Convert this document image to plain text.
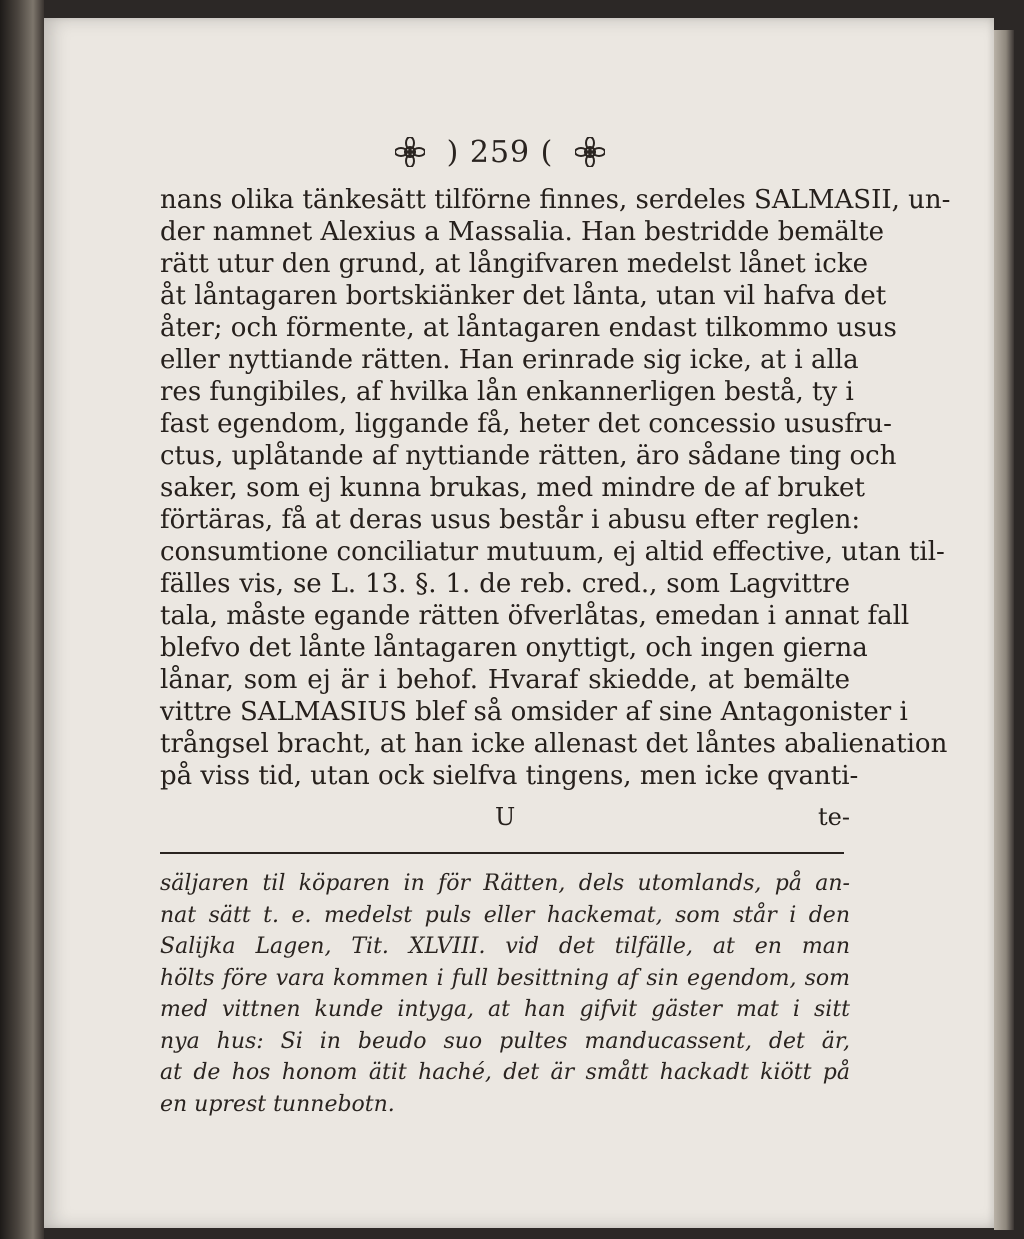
) 259 (
nans olika tänkesätt tilförne finnes, serdeles SALMASII, un-
der namnet Alexius a Massalia. Han bestridde bemälte
rätt utur den grund, at långifvaren medelst lånet icke
åt låntagaren bortskiänker det lånta, utan vil hafva det
åter; och förmente, at låntagaren endast tilkommo usus
eller nyttiande rätten. Han erinrade sig icke, at i alla
res fungibiles, af hvilka lån enkannerligen bestå, ty i
fast egendom, liggande få, heter det concessio ususfru-
ctus, uplåtande af nyttiande rätten, äro sådane ting och
saker, som ej kunna brukas, med mindre de af bruket
förtäras, få at deras usus består i abusu efter reglen:
consumtione conciliatur mutuum, ej altid effective, utan til-
fälles vis, se L. 13. §. 1. de reb. cred., som Lagvittre
tala, måste egande rätten öfverlåtas, emedan i annat fall
blefvo det lånte låntagaren onyttigt, och ingen gierna
lånar, som ej är i behof. Hvaraf skiedde, at bemälte
vittre SALMASIUS blef så omsider af sine Antagonister i
trångsel bracht, at han icke allenast det låntes abalienation
på viss tid, utan ock sielfva tingens, men icke qvanti-
U	te-
säljaren til köparen in för Rätten, dels utomlands, på an-
nat sätt t. e. medelst puls eller hackemat, som står i den
Salijka Lagen, Tit. XLVIII. vid det tilfälle, at en man
hölts före vara kommen i full besittning af sin egendom, som
med vittnen kunde intyga, at han gifvit gäster mat i sitt
nya hus: Si in beudo suo pultes manducassent, det är,
at de hos honom ätit haché, det är smått hackadt kiött på
en uprest tunnebotn.
